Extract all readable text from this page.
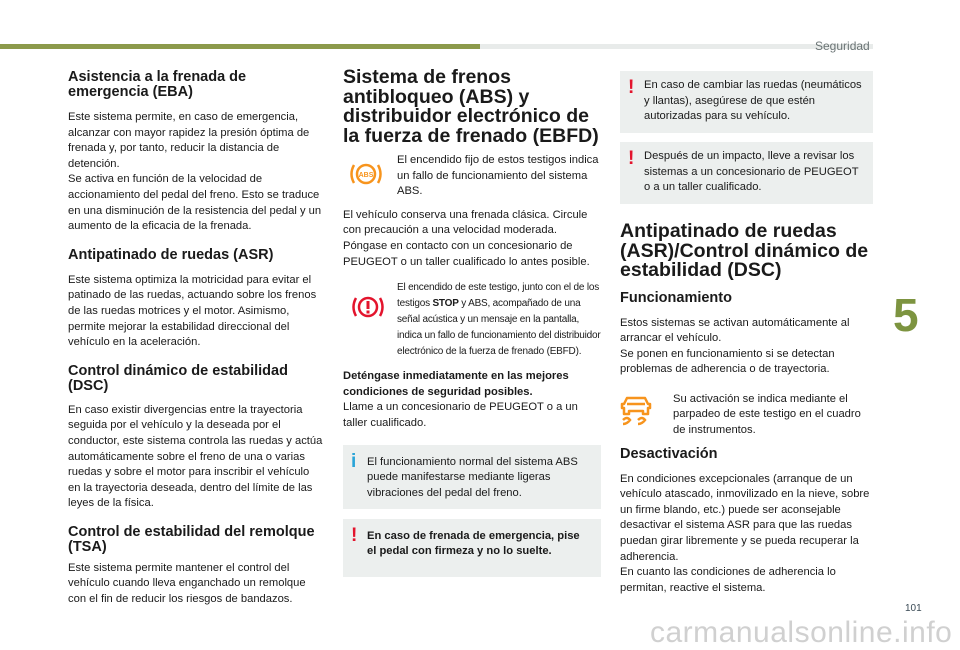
Seguridad
5
101
carmanualsonline.info
Asistencia a la frenada de emergencia (EBA)
Este sistema permite, en caso de emergencia, alcanzar con mayor rapidez la presión óptima de frenada y, por tanto, reducir la distancia de detención.
Se activa en función de la velocidad de accionamiento del pedal del freno. Esto se traduce en una disminución de la resistencia del pedal y un aumento de la eficacia de la frenada.
Antipatinado de ruedas (ASR)
Este sistema optimiza la motricidad para evitar el patinado de las ruedas, actuando sobre los frenos de las ruedas motrices y el motor. Asimismo, permite mejorar la estabilidad direccional del vehículo en la aceleración.
Control dinámico de estabilidad (DSC)
En caso existir divergencias entre la trayectoria seguida por el vehículo y la deseada por el conductor, este sistema controla las ruedas y actúa automáticamente sobre el freno de una o varias ruedas y sobre el motor para inscribir el vehículo en la trayectoria deseada, dentro del límite de las leyes de la física.
Control de estabilidad del remolque (TSA)
Este sistema permite mantener el control del vehículo cuando lleva enganchado un remolque con el fin de reducir los riesgos de bandazos.
Sistema de frenos antibloqueo (ABS) y distribuidor electrónico de la fuerza de frenado (EBFD)
ABS
El encendido fijo de estos testigos indica un fallo de funcionamiento del sistema ABS.
El vehículo conserva una frenada clásica. Circule con precaución a una velocidad moderada. Póngase en contacto con un concesionario de PEUGEOT o un taller cualificado lo antes posible.
El encendido de este testigo, junto con el de los testigos STOP y ABS, acompañado de una señal acústica y un mensaje en la pantalla, indica un fallo de funcionamiento del distribuidor electrónico de la fuerza de frenado (EBFD).
Deténgase inmediatamente en las mejores condiciones de seguridad posibles.
Llame a un concesionario de PEUGEOT o a un taller cualificado.
i El funcionamiento normal del sistema ABS puede manifestarse mediante ligeras vibraciones del pedal del freno.
! En caso de frenada de emergencia, pise el pedal con firmeza y no lo suelte.
! En caso de cambiar las ruedas (neumáticos y llantas), asegúrese de que estén autorizadas para su vehículo.
! Después de un impacto, lleve a revisar los sistemas a un concesionario de PEUGEOT o a un taller cualificado.
Antipatinado de ruedas (ASR)/Control dinámico de estabilidad (DSC)
Funcionamiento
Estos sistemas se activan automáticamente al arrancar el vehículo.
Se ponen en funcionamiento si se detectan problemas de adherencia o de trayectoria.
Su activación se indica mediante el parpadeo de este testigo en el cuadro de instrumentos.
Desactivación
En condiciones excepcionales (arranque de un vehículo atascado, inmovilizado en la nieve, sobre un firme blando, etc.) puede ser aconsejable desactivar el sistema ASR para que las ruedas puedan girar libremente y se pueda recuperar la adherencia.
En cuanto las condiciones de adherencia lo permitan, reactive el sistema.
